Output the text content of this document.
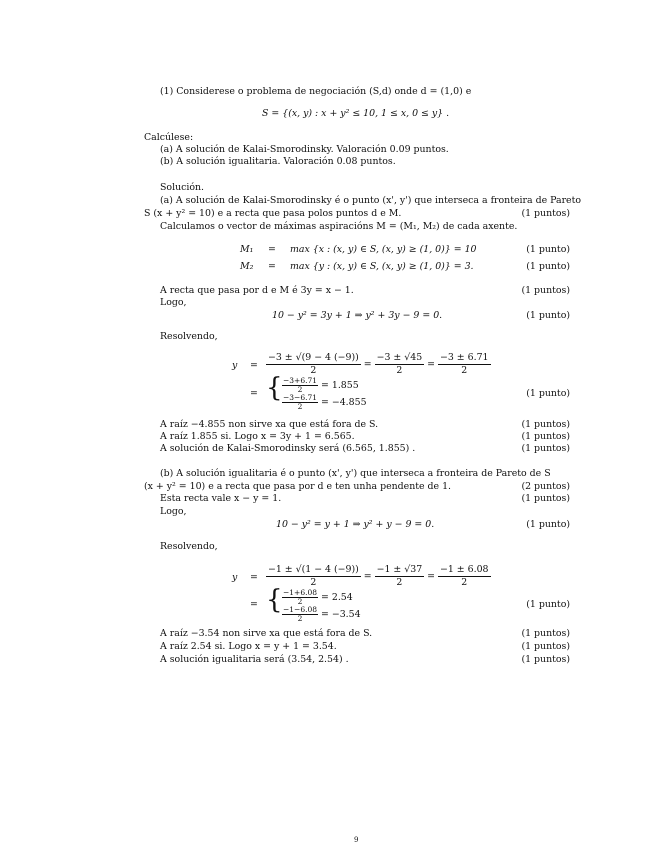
(1) Considerese o problema de negociación (S,d) onde d = (1,0) e
S = {(x, y) : x + y² ≤ 10, 1 ≤ x, 0 ≤ y} .
Calcúlese:
(a) A solución de Kalai-Smorodinsky. Valoración 0.09 puntos.
(b) A solución igualitaria. Valoración 0.08 puntos.
Solución.
(a) A solución de Kalai-Smorodinsky é o punto (x', y') que interseca a fronteira de Pareto
S (x + y² = 10) e a recta que pasa polos puntos d e M.	(1 puntos)
Calculamos o vector de máximas aspiracións M = (M₁, M₂) de cada axente.
M₁ = max {x : (x, y) ∈ S, (x, y) ≥ (1, 0)} = 10	(1 punto)
M₂ = max {y : (x, y) ∈ S, (x, y) ≥ (1, 0)} = 3.	(1 punto)
A recta que pasa por d e M é 3y = x − 1.	(1 puntos)
Logo,
10 − y² = 3y + 1 ⇒ y² + 3y − 9 = 0.	(1 punto)
Resolvendo,
$y = \frac{-3 \pm √(9 - 4 (-9))}{2} = \frac{-3 \pm √45}{2} = \frac{-3 \pm 6.71}{2}$
= { $\frac{-3+6.71}{2} = 1.855$
$\frac{-3-6.71}{2} = -4.855$
(1 punto)
A raíz −4.855 non sirve xa que está fora de S.	(1 puntos)
A raíz 1.855 si. Logo x = 3y + 1 = 6.565.	(1 puntos)
A solución de Kalai-Smorodinsky será (6.565, 1.855) .	(1 puntos)
(b) A solución igualitaria é o punto (x', y') que interseca a fronteira de Pareto de S
(x + y² = 10) e a recta que pasa por d e ten unha pendente de 1.	(2 puntos)
Esta recta vale x − y = 1.	(1 puntos)
Logo,
10 − y² = y + 1 ⇒ y² + y − 9 = 0.	(1 punto)
Resolvendo,
$y = \frac{-1 \pm √(1 - 4 (-9))}{2} = \frac{-1 \pm √37}{2} = \frac{-1 \pm 6.08}{2}$
= { $\frac{-1+6.08}{2} = 2.54$
$\frac{-1-6.08}{2} = -3.54$
(1 punto)
A raíz −3.54 non sirve xa que está fora de S.	(1 puntos)
A raíz 2.54 si. Logo x = y + 1 = 3.54.	(1 puntos)
A solución igualitaria será (3.54, 2.54) .	(1 puntos)
9
